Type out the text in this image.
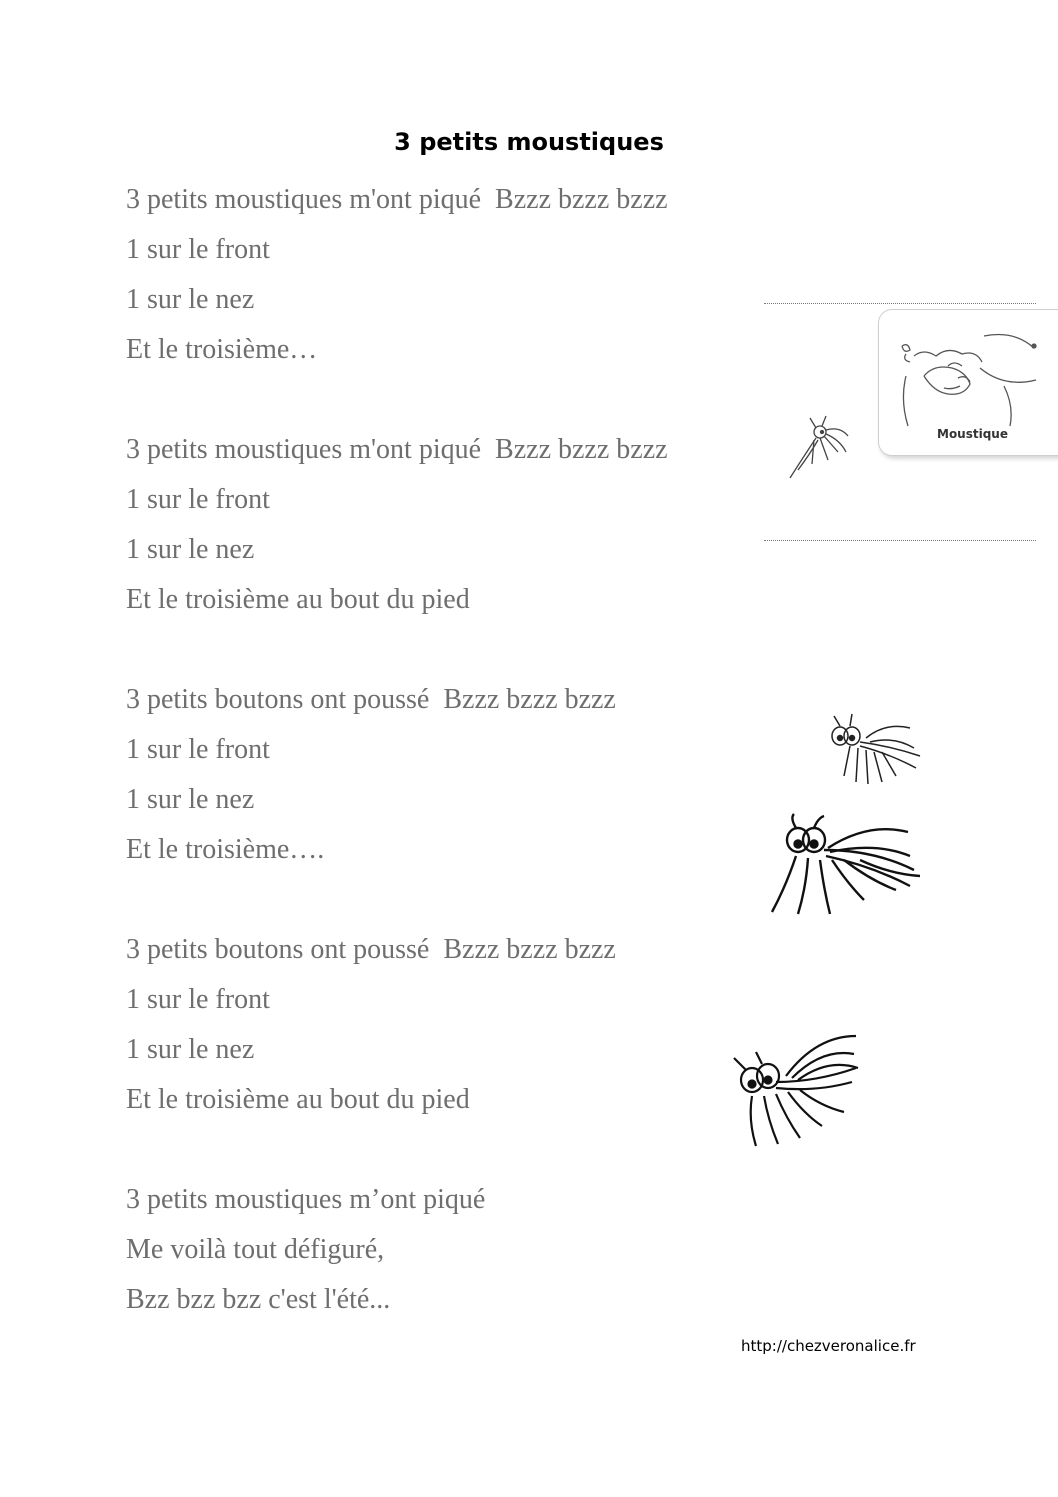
3 petits moustiques
3 petits moustiques m'ont piqué  Bzzz bzzz bzzz
1 sur le front
1 sur le nez
Et le troisième…
3 petits moustiques m'ont piqué  Bzzz bzzz bzzz
1 sur le front
1 sur le nez
Et le troisième au bout du pied
3 petits boutons ont poussé  Bzzz bzzz bzzz
1 sur le front
1 sur le nez
Et le troisième….
3 petits boutons ont poussé  Bzzz bzzz bzzz
1 sur le front
1 sur le nez
Et le troisième au bout du pied
3 petits moustiques m’ont piqué
Me voilà tout défiguré,
Bzz bzz bzz c'est l'été...
Moustique
http://chezveronalice.fr
